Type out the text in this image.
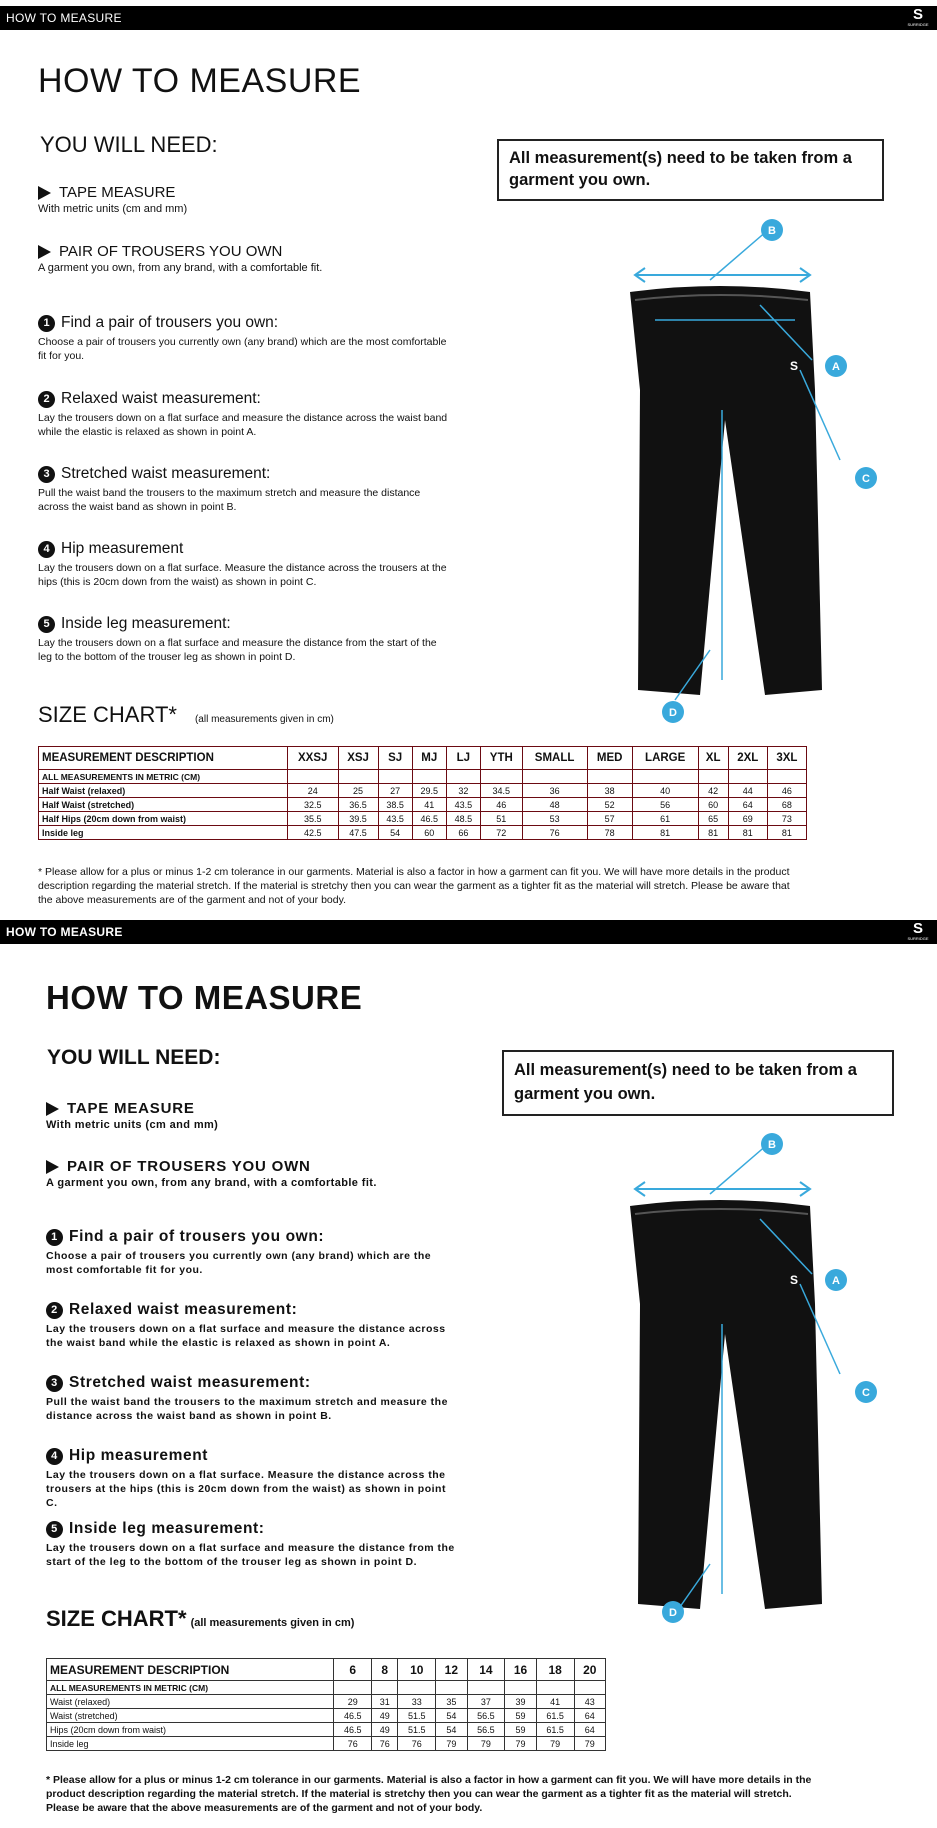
HOW TO MEASURE	S
SURRIDGE
HOW TO MEASURE
YOU WILL NEED:
TAPE MEASURE
With metric units (cm and mm)
PAIR OF TROUSERS YOU OWN
A garment you own, from any brand, with a comfortable fit.
1 Find a pair of trousers you own:
Choose a pair of trousers you currently own (any brand) which are the most comfortable fit for you.
2 Relaxed waist measurement:
Lay the trousers down on a flat surface and measure the distance across the waist band while the elastic is relaxed as shown in point A.
3 Stretched waist measurement:
Pull the waist band the trousers to the maximum stretch and measure the distance across the waist band as shown in point B.
4 Hip measurement
Lay the trousers down on a flat surface. Measure the distance across the trousers at the hips (this is 20cm down from the waist) as shown in point C.
5 Inside leg measurement:
Lay the trousers down on a flat surface and measure the distance from the start of the leg to the bottom of the trouser leg as shown in point D.
All measurement(s) need to be taken from a garment you own.
S
B
A
C
D
SIZE CHART* (all measurements given in cm)
MEASUREMENT DESCRIPTION	XXSJ	XSJ	SJ	MJ	LJ	YTH	SMALL	MED	LARGE	XL	2XL	3XL
ALL MEASUREMENTS IN METRIC (CM)												
Half Waist (relaxed)	24	25	27	29.5	32	34.5	36	38	40	42	44	46
Half Waist (stretched)	32.5	36.5	38.5	41	43.5	46	48	52	56	60	64	68
Half Hips (20cm down from waist)	35.5	39.5	43.5	46.5	48.5	51	53	57	61	65	69	73
Inside leg	42.5	47.5	54	60	66	72	76	78	81	81	81	81
* Please allow for a plus or minus 1-2 cm tolerance in our garments. Material is also a factor in how a garment can fit you. We will have more details in the product description regarding the material stretch. If the material is stretchy then you can wear the garment as a tighter fit as the material will stretch. Please be aware that the above measurements are of the garment and not of your body.
HOW TO MEASURE	S
SURRIDGE
HOW TO MEASURE
YOU WILL NEED:
TAPE MEASURE
With metric units (cm and mm)
PAIR OF TROUSERS YOU OWN
A garment you own, from any brand, with a comfortable fit.
1 Find a pair of trousers you own:
Choose a pair of trousers you currently own (any brand) which are the most comfortable fit for you.
2 Relaxed waist measurement:
Lay the trousers down on a flat surface and measure the distance across the waist band while the elastic is relaxed as shown in point A.
3 Stretched waist measurement:
Pull the waist band the trousers to the maximum stretch and measure the distance across the waist band as shown in point B.
4 Hip measurement
Lay the trousers down on a flat surface. Measure the distance across the trousers at the hips (this is 20cm down from the waist) as shown in point C.
5 Inside leg measurement:
Lay the trousers down on a flat surface and measure the distance from the start of the leg to the bottom of the trouser leg as shown in point D.
All measurement(s) need to be taken from a garment you own.
S
B
A
C
D
SIZE CHART* (all measurements given in cm)
MEASUREMENT DESCRIPTION	6	8	10	12	14	16	18	20
ALL MEASUREMENTS IN METRIC (CM)								
Waist (relaxed)	29	31	33	35	37	39	41	43
Waist (stretched)	46.5	49	51.5	54	56.5	59	61.5	64
Hips (20cm down from waist)	46.5	49	51.5	54	56.5	59	61.5	64
Inside leg	76	76	76	79	79	79	79	79
* Please allow for a plus or minus 1-2 cm tolerance in our garments. Material is also a factor in how a garment can fit you. We will have more details in the product description regarding the material stretch. If the material is stretchy then you can wear the garment as a tighter fit as the material will stretch. Please be aware that the above measurements are of the garment and not of your body.
